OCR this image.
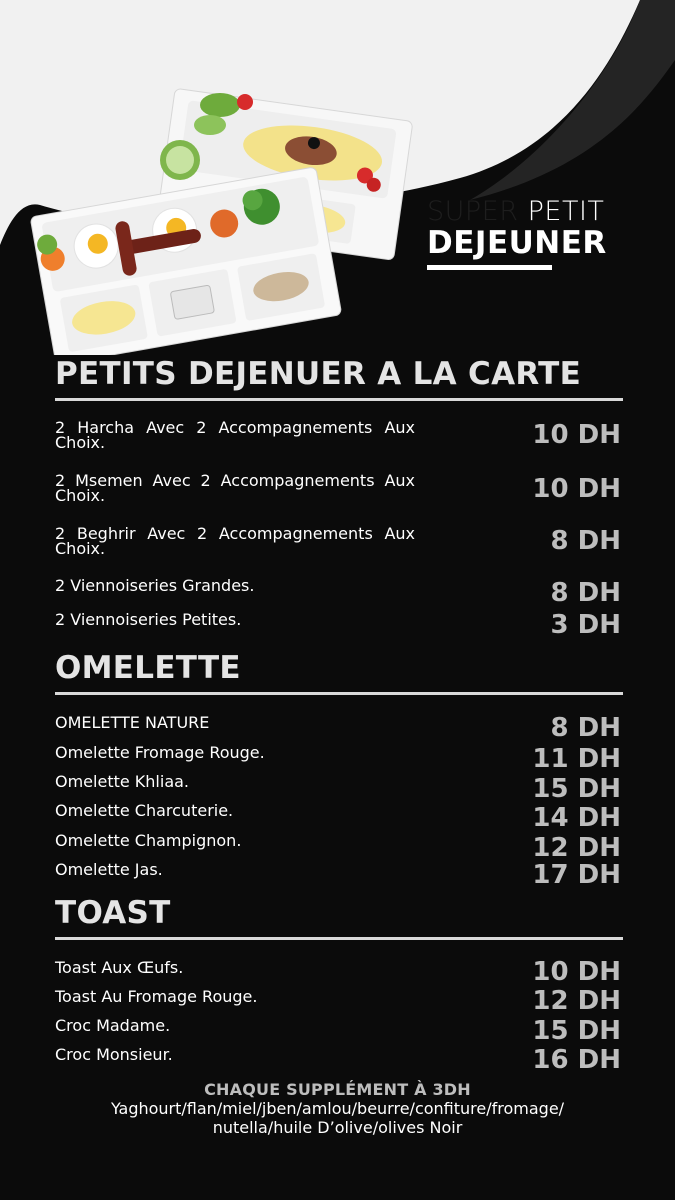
SUPER PETIT
DEJEUNER
PETITS DEJENUER A LA CARTE
2 Harcha Avec 2 Accompagnements Aux Choix.	10 DH
2 Msemen Avec 2 Accompagnements Aux Choix.	10 DH
2 Beghrir Avec 2 Accompagnements Aux Choix.	8 DH
2 Viennoiseries Grandes.	8 DH
2 Viennoiseries Petites.	3 DH
OMELETTE
OMELETTE NATURE	8 DH
Omelette Fromage Rouge.	11 DH
Omelette Khliaa.	15 DH
Omelette Charcuterie.	14 DH
Omelette Champignon.	12 DH
Omelette Jas.	17 DH
TOAST
Toast Aux Œufs.	10 DH
Toast Au Fromage Rouge.	12 DH
Croc Madame.	15 DH
Croc Monsieur.	16 DH
CHAQUE SUPPLÉMENT À 3DH
Yaghourt/flan/miel/jben/amlou/beurre/confiture/fromage/
nutella/huile D’olive/olives Noir
